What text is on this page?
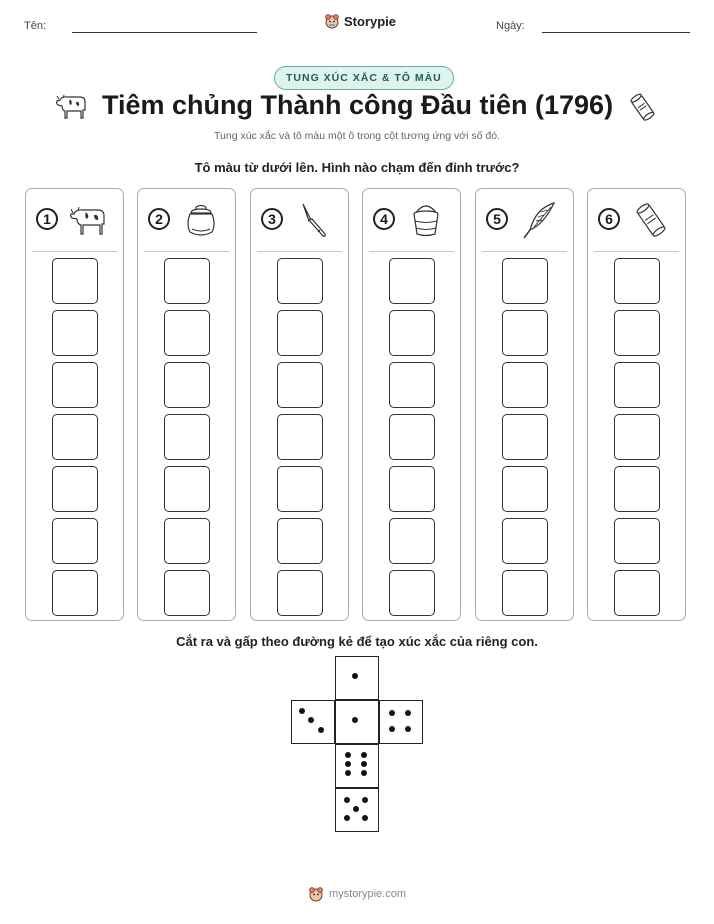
Tên:	Storypie	Ngày:
TUNG XÚC XẮC & TÔ MÀU
Tiêm chủng Thành công Đầu tiên (1796)
Tung xúc xắc và tô màu một ô trong cột tương ứng với số đó.
Tô màu từ dưới lên. Hình nào chạm đến đỉnh trước?
1	2	3	4	5	6
Cắt ra và gấp theo đường kẻ để tạo xúc xắc của riêng con.
mystorypie.com
